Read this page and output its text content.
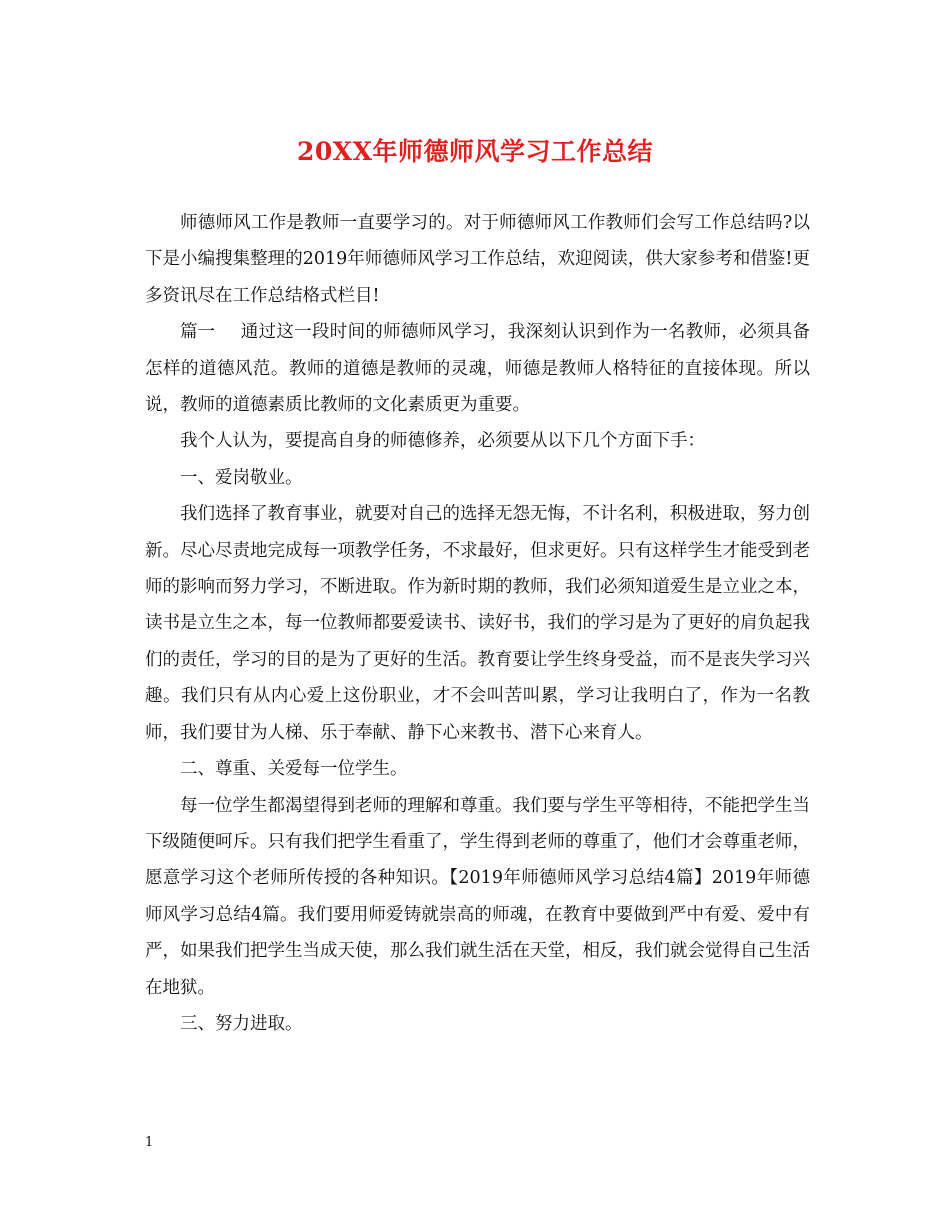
20XX年师德师风学习工作总结

师德师风工作是教师一直要学习的。对于师德师风工作教师们会写工作总结吗?以下是小编搜集整理的2019年师德师风学习工作总结，欢迎阅读，供大家参考和借鉴!更多资讯尽在工作总结格式栏目!

篇一 通过这一段时间的师德师风学习，我深刻认识到作为一名教师，必须具备怎样的道德风范。教师的道德是教师的灵魂，师德是教师人格特征的直接体现。所以说，教师的道德素质比教师的文化素质更为重要。

我个人认为，要提高自身的师德修养，必须要从以下几个方面下手：

一、爱岗敬业。

我们选择了教育事业，就要对自己的选择无怨无悔，不计名利，积极进取，努力创新。尽心尽责地完成每一项教学任务，不求最好，但求更好。只有这样学生才能受到老师的影响而努力学习，不断进取。作为新时期的教师，我们必须知道爱生是立业之本，读书是立生之本，每一位教师都要爱读书、读好书，我们的学习是为了更好的肩负起我们的责任，学习的目的是为了更好的生活。教育要让学生终身受益，而不是丧失学习兴趣。我们只有从内心爱上这份职业，才不会叫苦叫累，学习让我明白了，作为一名教师，我们要甘为人梯、乐于奉献、静下心来教书、潜下心来育人。

二、尊重、关爱每一位学生。

每一位学生都渴望得到老师的理解和尊重。我们要与学生平等相待，不能把学生当下级随便呵斥。只有我们把学生看重了，学生得到老师的尊重了，他们才会尊重老师，愿意学习这个老师所传授的各种知识。【2019年师德师风学习总结4篇】2019年师德师风学习总结4篇。我们要用师爱铸就崇高的师魂，在教育中要做到严中有爱、爱中有严，如果我们把学生当成天使，那么我们就生活在天堂，相反，我们就会觉得自己生活在地狱。

三、努力进取。

1
